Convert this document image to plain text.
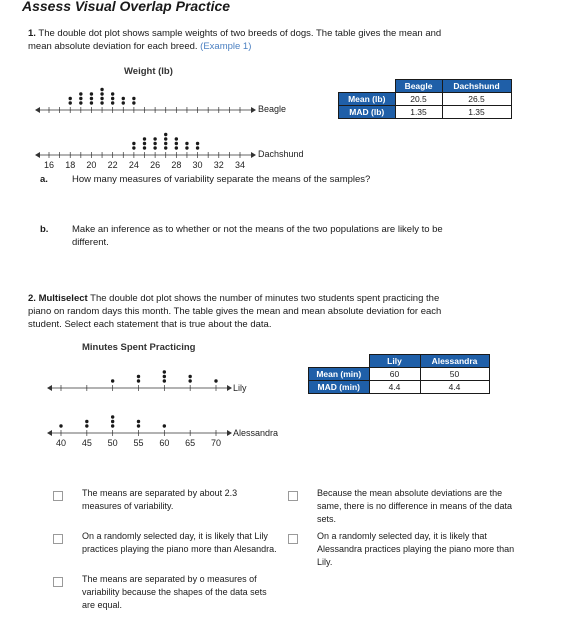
Assess Visual Overlap Practice
1. The double dot plot shows sample weights of two breeds of dogs. The table gives the mean and mean absolute deviation for each breed. (Example 1)
Weight (lb)
16 18 20 22 24 26 28 30 32 34
Beagle
Dachshund
	Beagle	Dachshund
Mean (lb)	20.5	26.5
MAD (lb)	1.35	1.35
a.	How many measures of variability separate the means of the samples?
b. Make an inference as to whether or not the means of the two populations are likely to be different.
2. Multiselect The double dot plot shows the number of minutes two students spent practicing the piano on random days this month. The table gives the mean and mean absolute deviation for each student. Select each statement that is true about the data.
Minutes Spent Practicing
40 45 50 55 60 65 70
Lily
Alessandra
	Lily	Alessandra
Mean (min)	60	50
MAD (min)	4.4	4.4
The means are separated by about 2.3 measures of variability.
Because the mean absolute deviations are the same, there is no difference in means of the data sets.
On a randomly selected day, it is likely that Lily practices playing the piano more than Alesandra.
On a randomly selected day, it is likely that Alessandra practices playing the piano more than Lily.
The means are separated by o measures of variability because the shapes of the data sets are equal.
